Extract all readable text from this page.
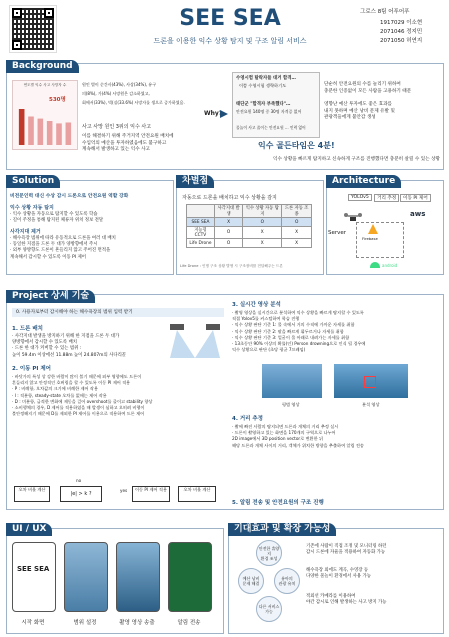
SEE SEA
드론을 이용한 익수 상황 탐지 및 구조 알림 서비스
그로스 8팀 어푸어푸
1917029 이소현
2071046 정지민
2071050 허연지
Background
연도별 익수 사고 사망자 수
530명
원인 별이 순간사(43%), 사상(34%), 유구
의(8%), 가(4%) 사망원은 감소하였고,
회에서(33%), 빅(실(33.6%) 사망자를 생으로 증가하였음.
사고 사망 원인 3위의 익수 사고
이를 해결하기 위해 주거지역 안전요원 배치에
수입억의 예산을 투자하였음에도 불구하고
계속해서 발생하고 있는 익수 사고
Why?
수영시험 탈락자들 대거 합격…
이쯤 수영시험 생략하기도
태단군 "합격자 부족했다"…
안전요원 140명 중 30명 자격증 없어
물놀이 사고 줄이는 안전요원 … 인력 없어
단순히 안전요원의 수를 늘리기 위하여
충분한 인증없이 모든 사람을 고용하기 때문
영향난 예산 투자에도 좋은 효과를
내지 못하며 예산 낭비 문제 유발 및
관광객들에게 불안감 생성
익수 골든타임은 4분!
익수 상황을 빠르게 탐지하고 신속하게 구조를 진행했다면 충분히 살릴 수 있는 상황
Solution
비전문인력 대신 수상 감시 드론으로 안전요원 역할 강화
익수 상황 자동 탐지
· 익수 상황을 자동으로 탐지할 수 있도록 학습
· 길이 주정을 통해 탐지된 체류자 위치 정보 전달
사각지대 제거
· 해수욕장 범위에 따라 유동적으로 드론을 여러 대 배치
· 동일한 지점을 드론 두 대가 양방향에서 주시
· 외부 양방향도 드론이 흔들리지 않고 주어진 면적을
계속해서 감시할 수 있도록 이동 PI 제어
차별점
자동으로 드론을 배치하고 익수 상황을 감지
	사각지대 발생	익수 상황 자동 탐지	드론 자동 조종
SEE SEA	X	O	O
지능형 CCTV	O	X	X
Life Drone	O	X	X
Life Drone : 인명 구조 상황 발생 시 구조장비를 전달해주는 드론
Architecture
YOLOv5	거리 추정	이동 PI 제어
Server
Firebase
aws
android
Project 상세 기술
0. 사용자로부터 감시해야 하는 해수욕장의 범위 입력 받기
1. 드론 배치
· 사각지대 발생을 방지하기 위해 한 지점을 드론 두 대가
양방향에서 감시할 수 있도록 배치
· 드론 한 대가 커버할 수 있는 범위 :
높이 59.4m 이상에선 11.88m 높이 24.807m의 사다리꼴
2. 이동 PI 제어
· 바닷가의 특성 상 강한 바람이 많이 불기 때문에 외부 영향에도 드론이
흔들리지 않고 안정적인 호버링을 할 수 있도록 이동 PI 제어 적용
· P : 비례항, 오차값의 크기에 비례한 제어 작용
· I : 적분항, steady-state 오차를 없애는 제어 작용
· D : 미분항, 급격한 변화에 제동을 걸어 overshoot를 줄이고 stability 향상
· 소비행체의 경우, D 제어를 적용하였을 때 발생이 심하고 오히려 비행이
불안정해지기 때문에 D를 제외한 PI 제어를 이용으로 적용하여 드론 제어
오차 비율 계산
|e| > k ?
no
yes	이동 PI 제어 적용	오차 비율 계산
3. 실시간 영상 분석
· 촬영 영상을 실시간으로 분석하여 익수 상황을 빠르게 탐지할 수 있도록
직접 Yolov5를 커스텀하여 학습 진행
· 익수 상황 판단 기준 1: 물 속에서 거의 수직에 가까운 자세를 취함
· 익수 상황 판단 기준 2: 팔을 빠르게 휘두르거나 자세를 취함
· 익수 상황 판단 기준 3: 얼굴이 물 아래로 내려가는 자세를 취함
· 13초동안 90% 이상의 확률(인) Person drowning으로 인식 될 경우에
익수 상황으로 판단 (초당 평균 7프레임)
평범 영상	분석 영상
4. 거리 추정
· 촬에 빠진 사람의 탐지되면 드론과 개체의 거리 추정 실시
· 드론이 촬영하고 있는 화면을 170개의 구역으로 나누어
2D image에서 3D position vector로 변환한 뒤
해당 드론과 개체 사이의 거리, 객체가 위치한 방향을 추출하여 알림 전송
5. 알림 전송 및 안전요원의 구조 진행
UI / UX
SEE SEA
시작 화면	범위 설정	촬영 영상 송출	알림 전송
기대효과 및 확장 가능성
안전한 휴양지
환경 조성
예산 낭비
문제 해결
유아의
관광 유치
다른 서비스
가능
기존에 사람이 직접 조정 및 모니터링 하던
감시 드론에 자율을 적용하여 자동화 가능
해수욕장 외에도 계곡, 수영장 등
다양한 물놀이 환경에서 사용 가능
적외선 카메라를 이용하여
야간 감시로 인해 발생하는 사고 방지 가능
